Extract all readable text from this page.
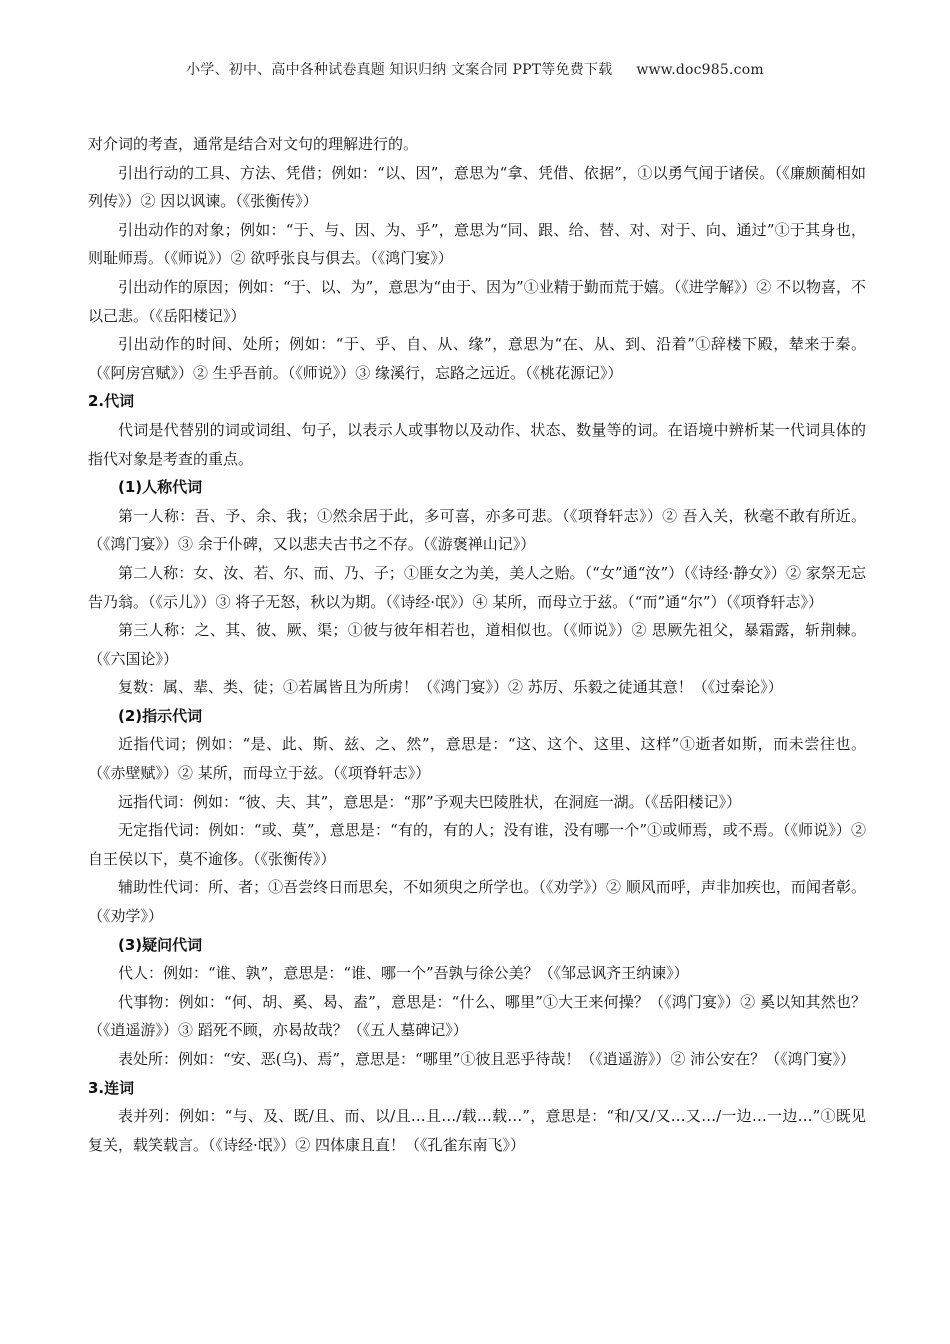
小学、初中、高中各种试卷真题 知识归纳 文案合同 PPT等免费下载 www.doc985.com

对介词的考查，通常是结合对文句的理解进行的。

引出行动的工具、方法、凭借；例如：“以、因”，意思为“拿、凭借、依据”，①以勇气闻于诸侯。（《廉颇蔺相如列传》）② 因以讽谏。（《张衡传》）

引出动作的对象；例如：“于、与、因、为、乎”，意思为“同、跟、给、替、对、对于、向、通过”①于其身也，则耻师焉。（《师说》）② 欲呼张良与俱去。（《鸿门宴》）

引出动作的原因；例如：“于、以、为”，意思为“由于、因为”①业精于勤而荒于嬉。（《进学解》）② 不以物喜，不以己悲。（《岳阳楼记》）

引出动作的时间、处所；例如：“于、乎、自、从、缘”，意思为“在、从、到、沿着”①辞楼下殿，辇来于秦。（《阿房宫赋》）② 生乎吾前。（《师说》）③ 缘溪行，忘路之远近。（《桃花源记》）

2.代词

代词是代替别的词或词组、句子，以表示人或事物以及动作、状态、数量等的词。在语境中辨析某一代词具体的指代对象是考查的重点。

(1)人称代词

第一人称：吾、予、余、我；①然余居于此，多可喜，亦多可悲。（《项脊轩志》）② 吾入关，秋毫不敢有所近。（《鸿门宴》）③ 余于仆碑，又以悲夫古书之不存。（《游褒禅山记》）

第二人称：女、汝、若、尔、而、乃、子；①匪女之为美，美人之贻。（“女”通“汝”）（《诗经·静女》）② 家祭无忘告乃翁。（《示儿》）③ 将子无怒，秋以为期。（《诗经·氓》）④ 某所，而母立于兹。（“而”通“尔”）（《项脊轩志》）

第三人称：之、其、彼、厥、渠；①彼与彼年相若也，道相似也。（《师说》）② 思厥先祖父，暴霜露，斩荆棘。（《六国论》）

复数：属、辈、类、徒；①若属皆且为所虏！（《鸿门宴》）② 苏厉、乐毅之徒通其意！（《过秦论》）

(2)指示代词

近指代词；例如：“是、此、斯、兹、之、然”，意思是：“这、这个、这里、这样”①逝者如斯，而未尝往也。（《赤壁赋》）② 某所，而母立于兹。（《项脊轩志》）

远指代词：例如：“彼、夫、其”，意思是：“那”予观夫巴陵胜状，在洞庭一湖。（《岳阳楼记》）

无定指代词：例如：“或、莫”，意思是：“有的，有的人；没有谁，没有哪一个”①或师焉，或不焉。（《师说》）② 自王侯以下，莫不逾侈。（《张衡传》）

辅助性代词：所、者；①吾尝终日而思矣，不如须臾之所学也。（《劝学》）② 顺风而呼，声非加疾也，而闻者彰。（《劝学》）

(3)疑问代词

代人：例如：“谁、孰”，意思是：“谁、哪一个”吾孰与徐公美？（《邹忌讽齐王纳谏》）

代事物：例如：“何、胡、奚、曷、盍”，意思是：“什么、哪里”①大王来何操？（《鸿门宴》）② 奚以知其然也？（《逍遥游》）③ 蹈死不顾，亦曷故哉？（《五人墓碑记》）

表处所：例如：“安、恶(乌)、焉”，意思是：“哪里”①彼且恶乎待哉！（《逍遥游》）② 沛公安在？（《鸿门宴》）

3.连词

表并列：例如：“与、及、既/且、而、以/且…且…/载…载…”，意思是：“和/又/又…又…/一边…一边…”①既见复关，载笑载言。（《诗经·氓》）② 四体康且直！（《孔雀东南飞》）
